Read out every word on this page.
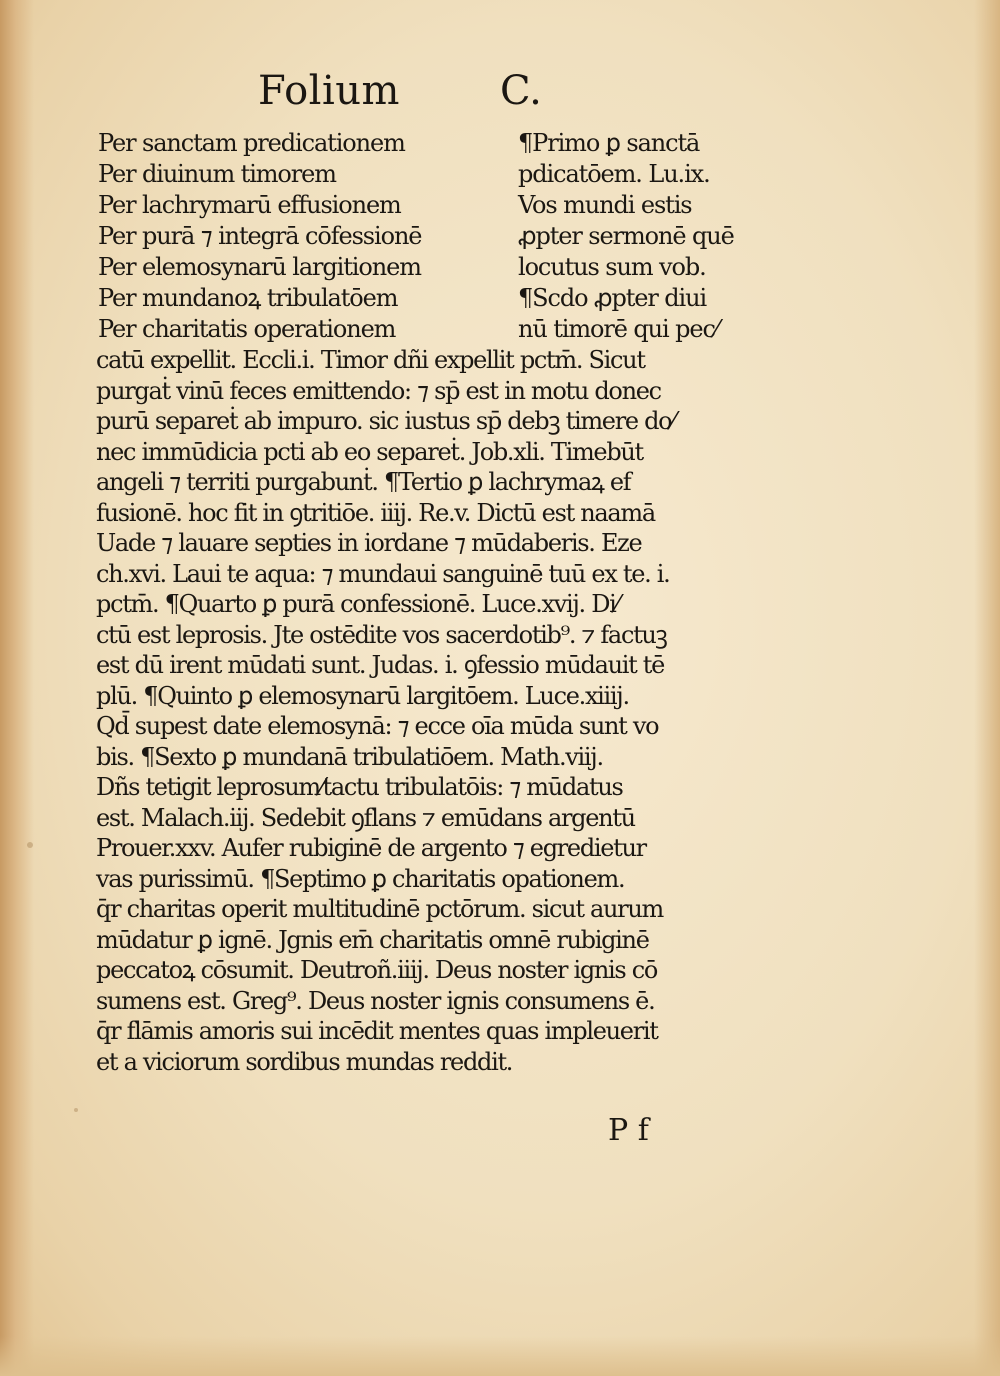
Folium	C.
Per sanctam predicationem
Per diuinum timorem
Per lachrymarū effusionem
Per purā ⁊ integrā cōfessionē
Per elemosynarū largitionem
Per mundanoꝝ tribulatōem
Per charitatis operationem
¶Primo ꝑ sanctā
pdicatōem. Lu.ix.
Vos mundi estis
ꝓpter sermonē quē
locutus sum vob.
¶Scdo ꝓpter diui
nū timorē qui pec⁄
catū expellit. Eccli.i. Timor dñi expellit pctm̄. Sicut
purgaṫ vinū feces emittendo: ⁊ sp̄ est in motu donec
purū separeṫ ab impuro. sic iustus sp̄ debꝫ timere do⁄
nec immūdicia pcti ab eo separeṫ. Job.xli. Timebūt
angeli ⁊ territi purgabunṫ. ¶Tertio ꝑ lachrymaꝝ ef
fusionē. hoc fit in ꝯtritiōe. iiij. Re.v. Dictū est naamā
Uade ⁊ lauare septies in iordane ⁊ mūdaberis. Eze
ch.xvi. Laui te aqua: ⁊ mundaui sanguinē tuū ex te. i.
pctm̄. ¶Quarto ꝑ purā confessionē. Luce.xvij. Di⁄
ctū est leprosis. Jte ostēdite vos sacerdotib⁹. ⁊ factuꝫ
est dū irent mūdati sunt. Judas. i. ꝯfessio mūdauit tē
plū. ¶Quinto ꝑ elemosynarū largitōem. Luce.xiiij.
Qd̄ supest date elemosynā: ⁊ ecce oīa mūda sunt vo
bis. ¶Sexto ꝑ mundanā tribulatiōem. Math.viij.
Dñs tetigit leprosum⁄tactu tribulatōis: ⁊ mūdatus
est. Malach.iij. Sedebit ꝯflans ⁊ emūdans argentū
Prouer.xxv. Aufer rubiginē de argento ⁊ egredietur
vas purissimū. ¶Septimo ꝑ charitatis opationem.
q̄r charitas operit multitudinē pctōrum. sicut aurum
mūdatur ꝑ ignē. Jgnis em̄ charitatis omnē rubiginē
peccatoꝝ cōsumit. Deutroñ.iiij. Deus noster ignis cō
sumens est. Greg⁹. Deus noster ignis consumens ē.
q̄r flāmis amoris sui incēdit mentes quas impleuerit
et a viciorum sordibus mundas reddit.
P f
